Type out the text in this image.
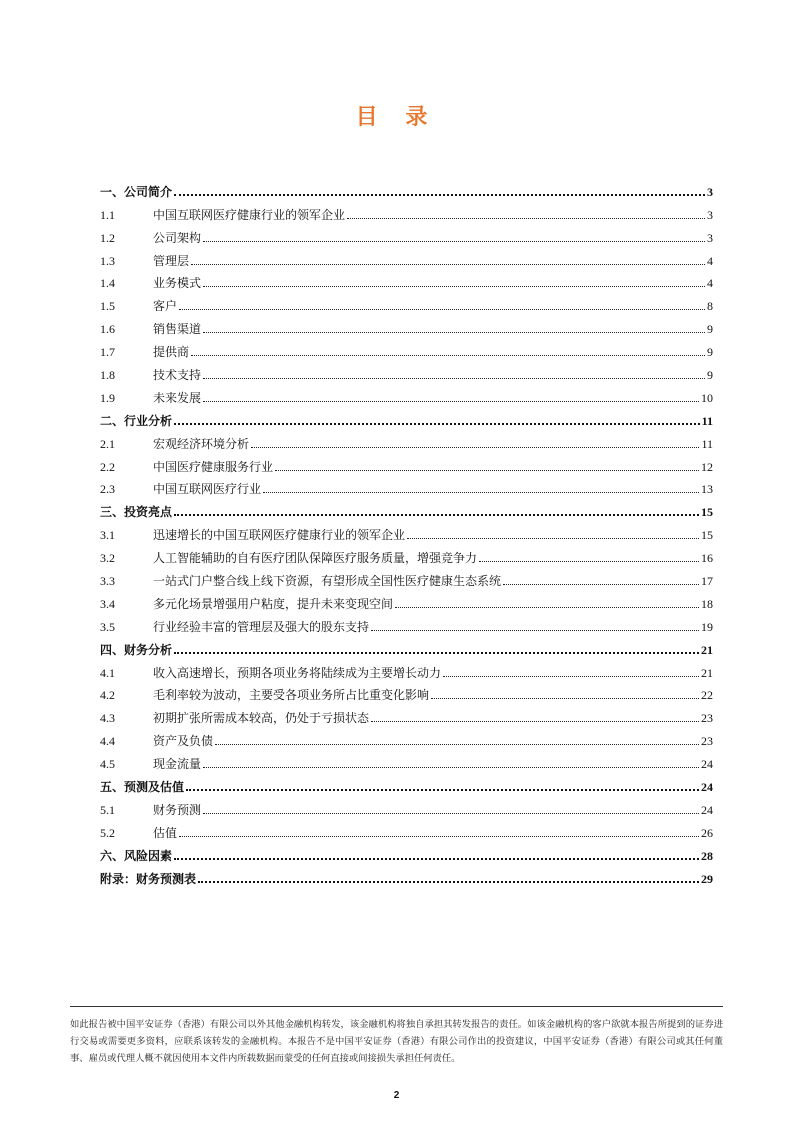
目 录
一、公司简介	3
1.1	中国互联网医疗健康行业的领军企业	3
1.2	公司架构	3
1.3	管理层	4
1.4	业务模式	4
1.5	客户	8
1.6	销售渠道	9
1.7	提供商	9
1.8	技术支持	9
1.9	未来发展	10
二、行业分析	11
2.1	宏观经济环境分析	11
2.2	中国医疗健康服务行业	12
2.3	中国互联网医疗行业	13
三、投资亮点	15
3.1	迅速增长的中国互联网医疗健康行业的领军企业	15
3.2	人工智能辅助的自有医疗团队保障医疗服务质量，增强竞争力	16
3.3	一站式门户整合线上线下资源，有望形成全国性医疗健康生态系统	17
3.4	多元化场景增强用户粘度，提升未来变现空间	18
3.5	行业经验丰富的管理层及强大的股东支持	19
四、财务分析	21
4.1	收入高速增长，预期各项业务将陆续成为主要增长动力	21
4.2	毛利率较为波动，主要受各项业务所占比重变化影响	22
4.3	初期扩张所需成本较高，仍处于亏损状态	23
4.4	资产及负债	23
4.5	现金流量	24
五、预测及估值	24
5.1	财务预测	24
5.2	估值	26
六、风险因素	28
附录：财务预测表	29
如此报告被中国平安证券（香港）有限公司以外其他金融机构转发，该金融机构将独自承担其转发报告的责任。如该金融机构的客户欲就本报告所提到的证券进行交易或需要更多资料，应联系该转发的金融机构。本报告不是中国平安证券（香港）有限公司作出的投资建议，中国平安证券（香港）有限公司或其任何董事、雇员或代理人概不就因使用本文件内所载数据而蒙受的任何直接或间接损失承担任何责任。
2
